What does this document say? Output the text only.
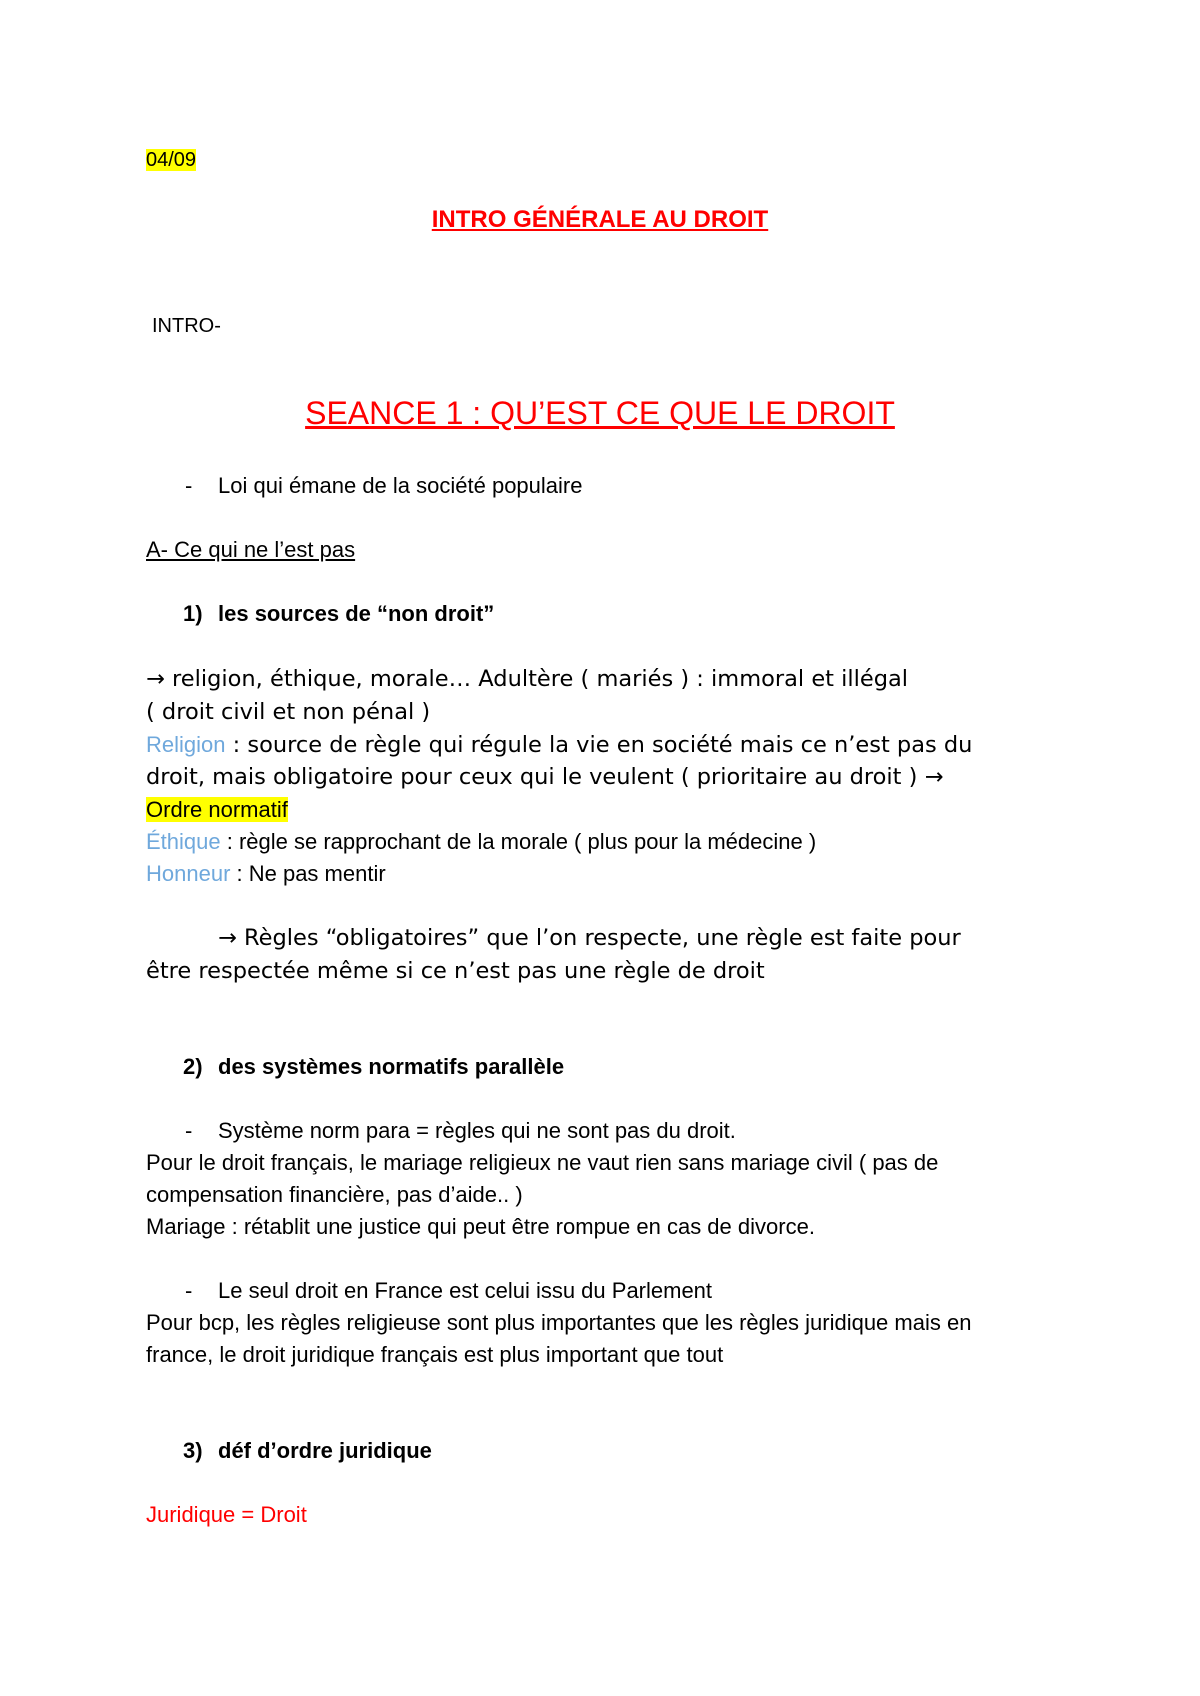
04/09
INTRO GÉNÉRALE AU DROIT
INTRO-
SEANCE 1 : QU’EST CE QUE LE DROIT
- Loi qui émane de la société populaire
A- Ce qui ne l’est pas
1) les sources de “non droit”
→ religion, éthique, morale… Adultère ( mariés ) : immoral et illégal
( droit civil et non pénal )
Religion : source de règle qui régule la vie en société mais ce n’est pas du
droit, mais obligatoire pour ceux qui le veulent ( prioritaire au droit ) →
Ordre normatif
Éthique : règle se rapprochant de la morale ( plus pour la médecine )
Honneur : Ne pas mentir
→ Règles “obligatoires” que l’on respecte, une règle est faite pour
être respectée même si ce n’est pas une règle de droit
2) des systèmes normatifs parallèle
- Système norm para = règles qui ne sont pas du droit.
Pour le droit français, le mariage religieux ne vaut rien sans mariage civil ( pas de
compensation financière, pas d’aide.. )
Mariage : rétablit une justice qui peut être rompue en cas de divorce.
- Le seul droit en France est celui issu du Parlement
Pour bcp, les règles religieuse sont plus importantes que les règles juridique mais en
france, le droit juridique français est plus important que tout
3) déf d’ordre juridique
Juridique = Droit
